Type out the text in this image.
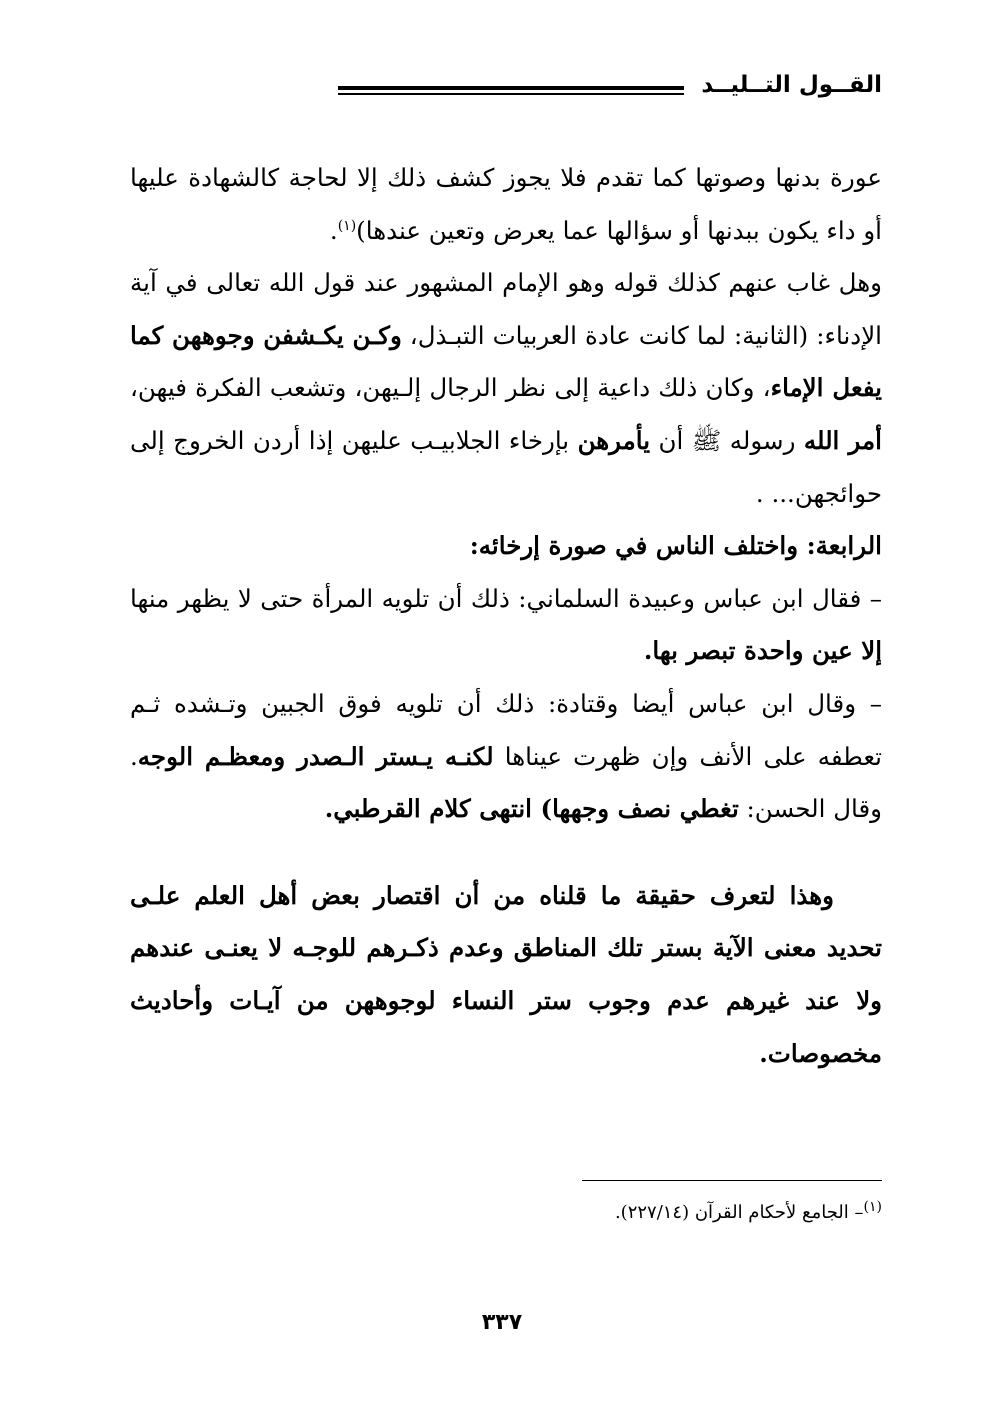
القــول التــليــد

عورة بدنها وصوتها كما تقدم فلا يجوز كشف ذلك إلا لحاجة كالشهادة عليها أو داء يكون ببدنها أو سؤالها عما يعرض وتعين عندها)$^{(١)}$.

وهل غاب عنهم كذلك قوله وهو الإمام المشهور عند قول الله تعالى في آية الإدناء: (الثانية: لما كانت عادة العربيات التبـذل، وكـن يكـشفن وجوههن كما يفعل الإماء، وكان ذلك داعية إلى نظر الرجال إلـيهن، وتشعب الفكرة فيهن، أمر الله رسوله ﷺ أن يأمرهن بإرخاء الجلابيـب عليهن إذا أردن الخروج إلى حوائجهن... .

الرابعة: واختلف الناس في صورة إرخائه:

– فقال ابن عباس وعبيدة السلماني: ذلك أن تلويه المرأة حتى لا يظهر منها إلا عين واحدة تبصر بها.

– وقال ابن عباس أيضا وقتادة: ذلك أن تلويه فوق الجبين وتـشده ثـم تعطفه على الأنف وإن ظهرت عيناها لكنـه يـستر الـصدر ومعظـم الوجه. وقال الحسن: تغطي نصف وجهها) انتهى كلام القرطبي.

وهذا لتعرف حقيقة ما قلناه من أن اقتصار بعض أهل العلم علـى تحديد معنى الآية بستر تلك المناطق وعدم ذكـرهم للوجـه لا يعنـى عندهم ولا عند غيرهم عدم وجوب ستر النساء لوجوههن من آيـات وأحاديث مخصوصات.

$^{(١)}$– الجامع لأحكام القرآن (٢٢٧/١٤).
٣٣٧
